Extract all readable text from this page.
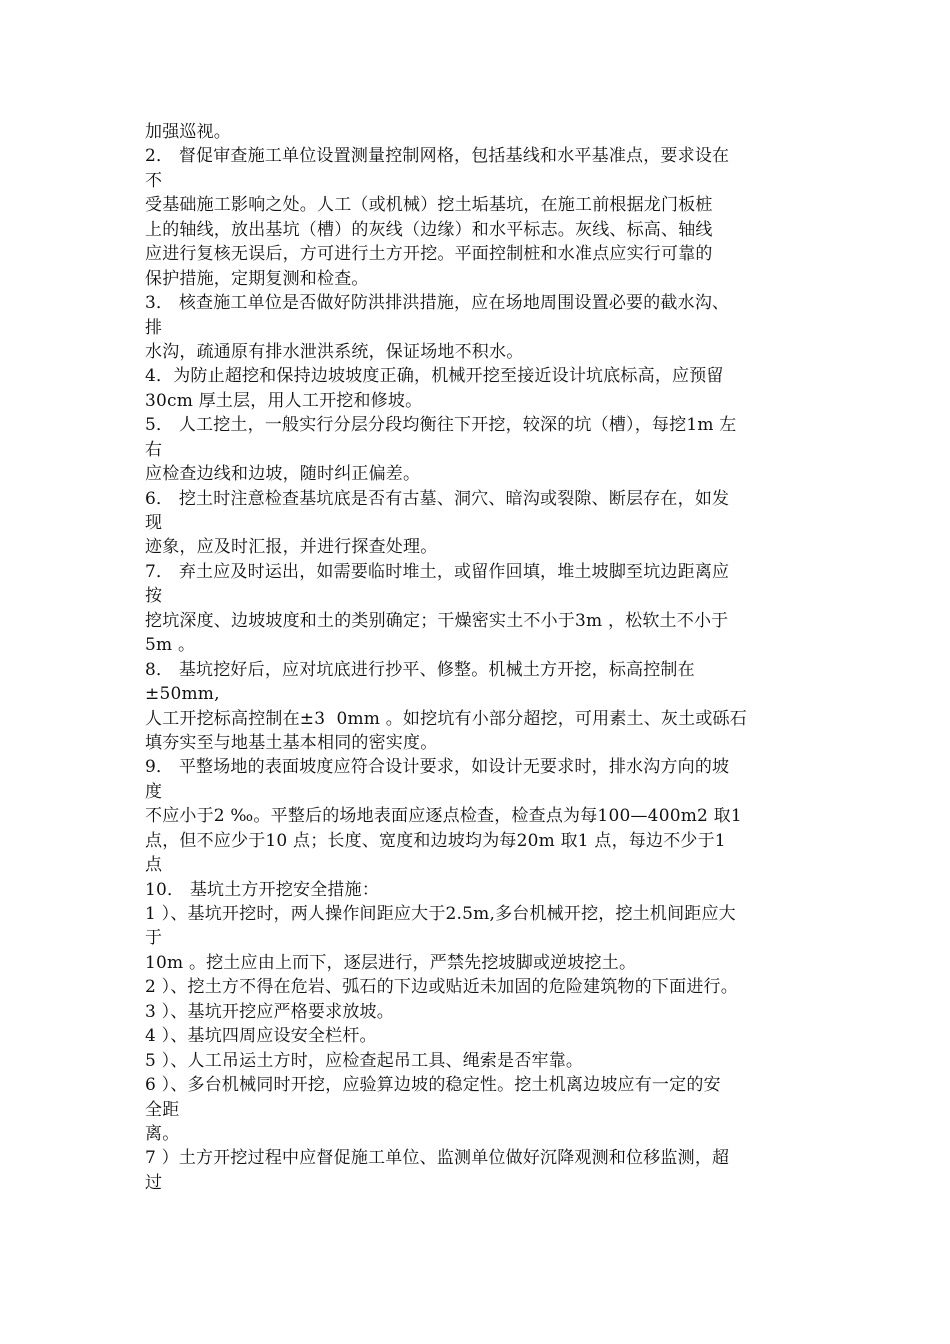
加强巡视。
2． 督促审查施工单位设置测量控制网格，包括基线和水平基准点，要求设在
不
受基础施工影响之处。人工（或机械）挖土垢基坑，在施工前根据龙门板桩
上的轴线，放出基坑（槽）的灰线（边缘）和水平标志。灰线、标高、轴线
应进行复核无误后，方可进行土方开挖。平面控制桩和水准点应实行可靠的
保护措施，定期复测和检查。
3． 核查施工单位是否做好防洪排洪措施，应在场地周围设置必要的截水沟、
排
水沟，疏通原有排水泄洪系统，保证场地不积水。
4．为防止超挖和保持边坡坡度正确，机械开挖至接近设计坑底标高，应预留
30cm 厚土层，用人工开挖和修坡。
5． 人工挖土，一般实行分层分段均衡往下开挖，较深的坑（槽），每挖1m 左
右
应检查边线和边坡，随时纠正偏差。
6． 挖土时注意检查基坑底是否有古墓、洞穴、暗沟或裂隙、断层存在，如发
现
迹象，应及时汇报，并进行探查处理。
7． 弃土应及时运出，如需要临时堆土，或留作回填，堆土坡脚至坑边距离应
按
挖坑深度、边坡坡度和土的类别确定；干燥密实土不小于3m ，松软土不小于
5m 。
8． 基坑挖好后，应对坑底进行抄平、修整。机械土方开挖，标高控制在
±50mm,
人工开挖标高控制在±3  0mm 。如挖坑有小部分超挖，可用素土、灰土或砾石
填夯实至与地基土基本相同的密实度。
9． 平整场地的表面坡度应符合设计要求，如设计无要求时，排水沟方向的坡
度
不应小于2 ‰。平整后的场地表面应逐点检查，检查点为每100—400m2 取1
点，但不应少于10 点；长度、宽度和边坡均为每20m 取1 点，每边不少于1
点
10． 基坑土方开挖安全措施：
1 ）、基坑开挖时，两人操作间距应大于2.5m,多台机械开挖，挖土机间距应大
于
10m 。挖土应由上而下，逐层进行，严禁先挖坡脚或逆坡挖土。
2 ）、挖土方不得在危岩、弧石的下边或贴近未加固的危险建筑物的下面进行。
3 ）、基坑开挖应严格要求放坡。
4 ）、基坑四周应设安全栏杆。
5 ）、人工吊运土方时，应检查起吊工具、绳索是否牢靠。
6 ）、多台机械同时开挖，应验算边坡的稳定性。挖土机离边坡应有一定的安
全距
离。
7 ）土方开挖过程中应督促施工单位、监测单位做好沉降观测和位移监测，超
过
